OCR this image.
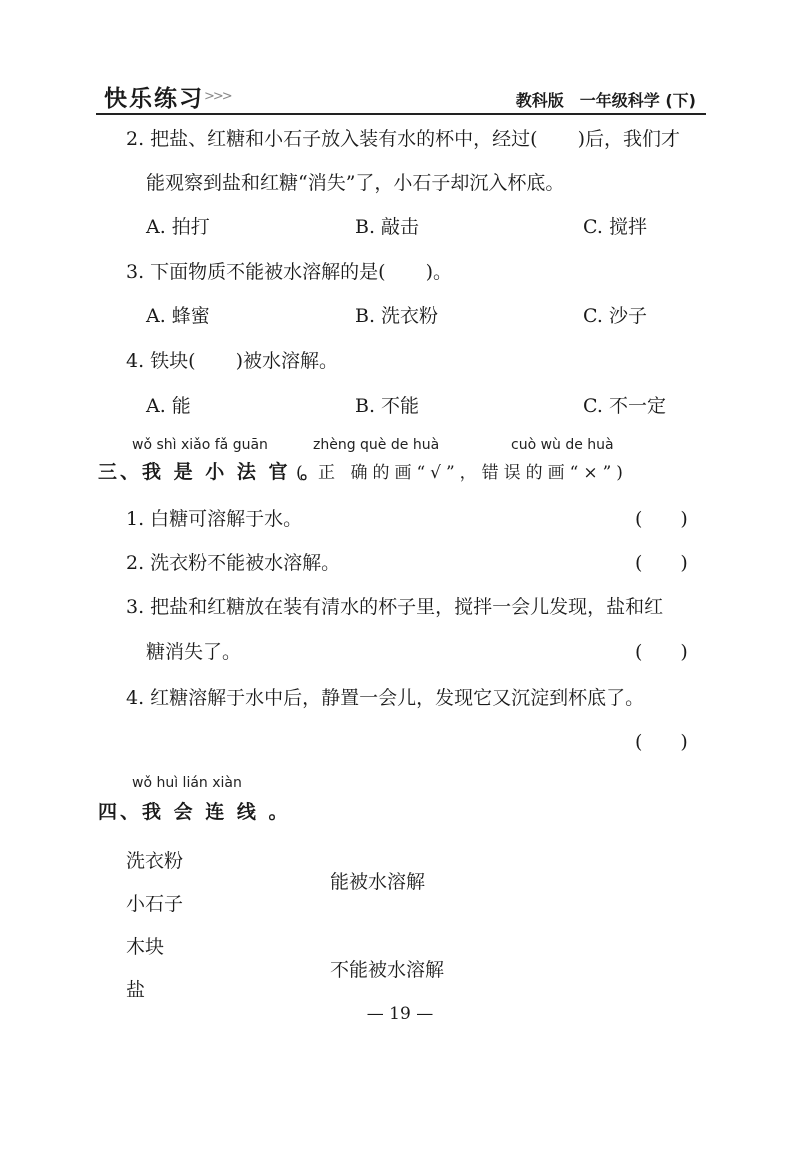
快乐练习 >>>	教科版 一年级科学 (下)
2. 把盐、红糖和小石子放入装有水的杯中，经过( )后，我们才
能观察到盐和红糖“消失”了，小石子却沉入杯底。
A. 拍打	B. 敲击	C. 搅拌
3. 下面物质不能被水溶解的是( )。
A. 蜂蜜	B. 洗衣粉	C. 沙子
4. 铁块( )被水溶解。
A. 能	B. 不能	C. 不一定
wǒ shì xiǎo fǎ guān	zhèng què de huà	cuò wù de huà
三、我 是 小 法 官 。
( 正 确的画“√”，错误的画“×”)
1. 白糖可溶解于水。	(　　)
2. 洗衣粉不能被水溶解。	(　　)
3. 把盐和红糖放在装有清水的杯子里，搅拌一会儿发现，盐和红
糖消失了。	(　　)
4. 红糖溶解于水中后，静置一会儿，发现它又沉淀到杯底了。
(　　)
wǒ huì lián xiàn
四、我 会 连 线 。
洗衣粉
小石子
木块
盐
能被水溶解
不能被水溶解
— 19 —
